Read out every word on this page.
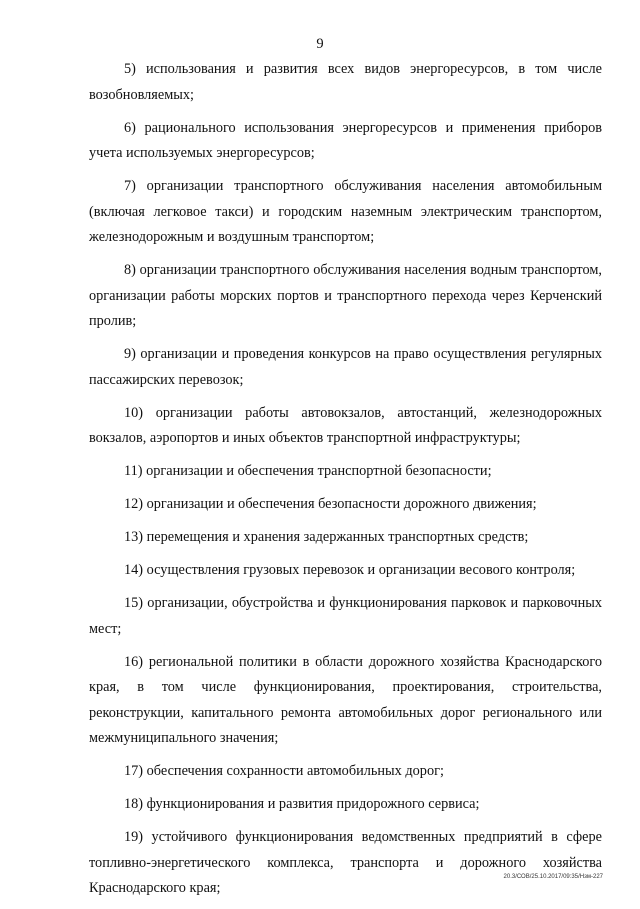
9

5) использования и развития всех видов энергоресурсов, в том числе возобновляемых;

6) рационального использования энергоресурсов и применения приборов учета используемых энергоресурсов;

7) организации транспортного обслуживания населения автомобильным (включая легковое такси) и городским наземным электрическим транспортом, железнодорожным и воздушным транспортом;

8) организации транспортного обслуживания населения водным транспортом, организации работы морских портов и транспортного перехода через Керченский пролив;

9) организации и проведения конкурсов на право осуществления регулярных пассажирских перевозок;

10) организации работы автовокзалов, автостанций, железнодорожных вокзалов, аэропортов и иных объектов транспортной инфраструктуры;

11) организации и обеспечения транспортной безопасности;

12) организации и обеспечения безопасности дорожного движения;

13) перемещения и хранения задержанных транспортных средств;

14) осуществления грузовых перевозок и организации весового контроля;

15) организации, обустройства и функционирования парковок и парковочных мест;

16) региональной политики в области дорожного хозяйства Краснодарского края, в том числе функционирования, проектирования, строительства, реконструкции, капитального ремонта автомобильных дорог регионального или межмуниципального значения;

17) обеспечения сохранности автомобильных дорог;

18) функционирования и развития придорожного сервиса;

19) устойчивого функционирования ведомственных предприятий в сфере топливно-энергетического комплекса, транспорта и дорожного хозяйства Краснодарского края;

20.3/СОВ/25.10.2017/09:35/Нзм-227
